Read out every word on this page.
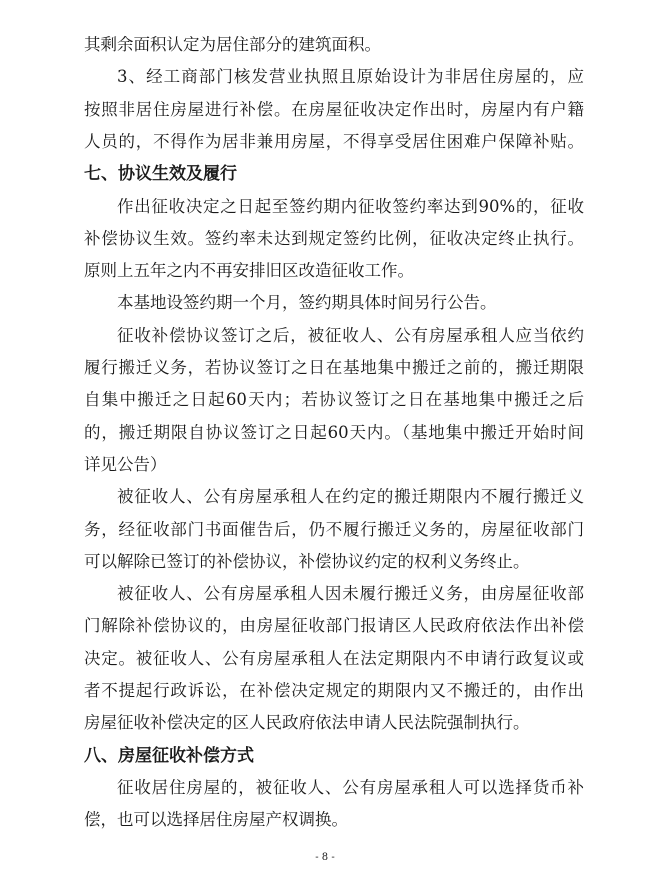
其剩余面积认定为居住部分的建筑面积。
3、经工商部门核发营业执照且原始设计为非居住房屋的，应
按照非居住房屋进行补偿。在房屋征收决定作出时，房屋内有户籍
人员的，不得作为居非兼用房屋，不得享受居住困难户保障补贴。
七、协议生效及履行
作出征收决定之日起至签约期内征收签约率达到90%的，征收
补偿协议生效。签约率未达到规定签约比例，征收决定终止执行。
原则上五年之内不再安排旧区改造征收工作。
本基地设签约期一个月，签约期具体时间另行公告。
征收补偿协议签订之后，被征收人、公有房屋承租人应当依约
履行搬迁义务，若协议签订之日在基地集中搬迁之前的，搬迁期限
自集中搬迁之日起60天内；若协议签订之日在基地集中搬迁之后
的，搬迁期限自协议签订之日起60天内。（基地集中搬迁开始时间
详见公告）
被征收人、公有房屋承租人在约定的搬迁期限内不履行搬迁义
务，经征收部门书面催告后，仍不履行搬迁义务的，房屋征收部门
可以解除已签订的补偿协议，补偿协议约定的权利义务终止。
被征收人、公有房屋承租人因未履行搬迁义务，由房屋征收部
门解除补偿协议的，由房屋征收部门报请区人民政府依法作出补偿
决定。被征收人、公有房屋承租人在法定期限内不申请行政复议或
者不提起行政诉讼，在补偿决定规定的期限内又不搬迁的，由作出
房屋征收补偿决定的区人民政府依法申请人民法院强制执行。
八、房屋征收补偿方式
征收居住房屋的，被征收人、公有房屋承租人可以选择货币补
偿，也可以选择居住房屋产权调换。
- 8 -
